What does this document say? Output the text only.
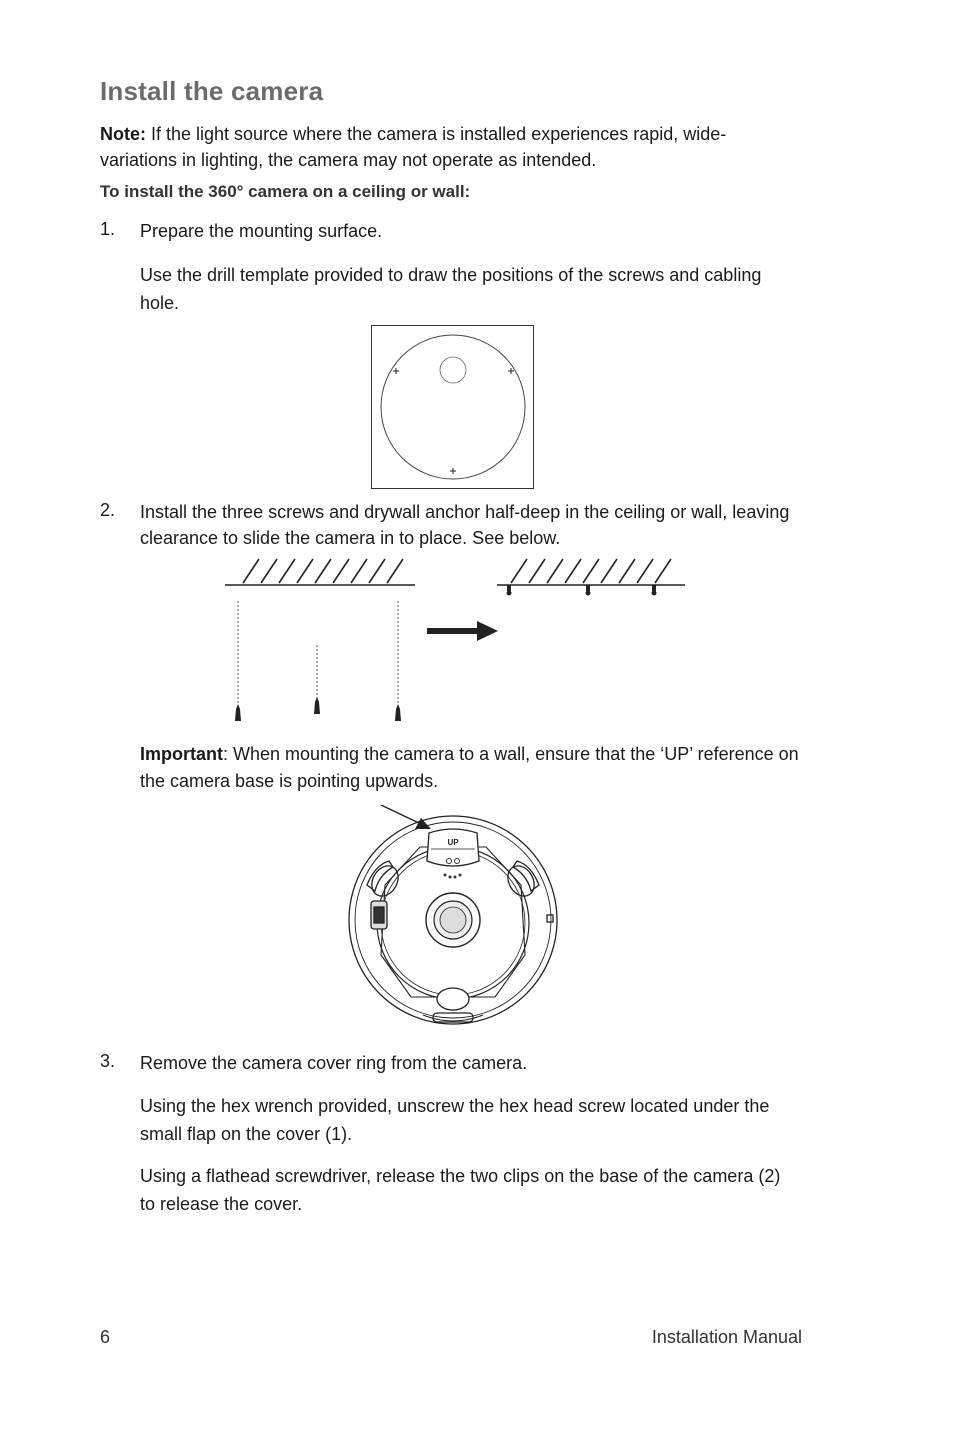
Install the camera
Note: If the light source where the camera is installed experiences rapid, wide-variations in lighting, the camera may not operate as intended.
To install the 360° camera on a ceiling or wall:
1. Prepare the mounting surface.
Use the drill template provided to draw the positions of the screws and cabling hole.
2. Install the three screws and drywall anchor half-deep in the ceiling or wall, leaving clearance to slide the camera in to place. See below.
Important: When mounting the camera to a wall, ensure that the ‘UP’ reference on the camera base is pointing upwards.
UP
3. Remove the camera cover ring from the camera.
Using the hex wrench provided, unscrew the hex head screw located under the small flap on the cover (1).
Using a flathead screwdriver, release the two clips on the base of the camera (2) to release the cover.
6	Installation Manual
